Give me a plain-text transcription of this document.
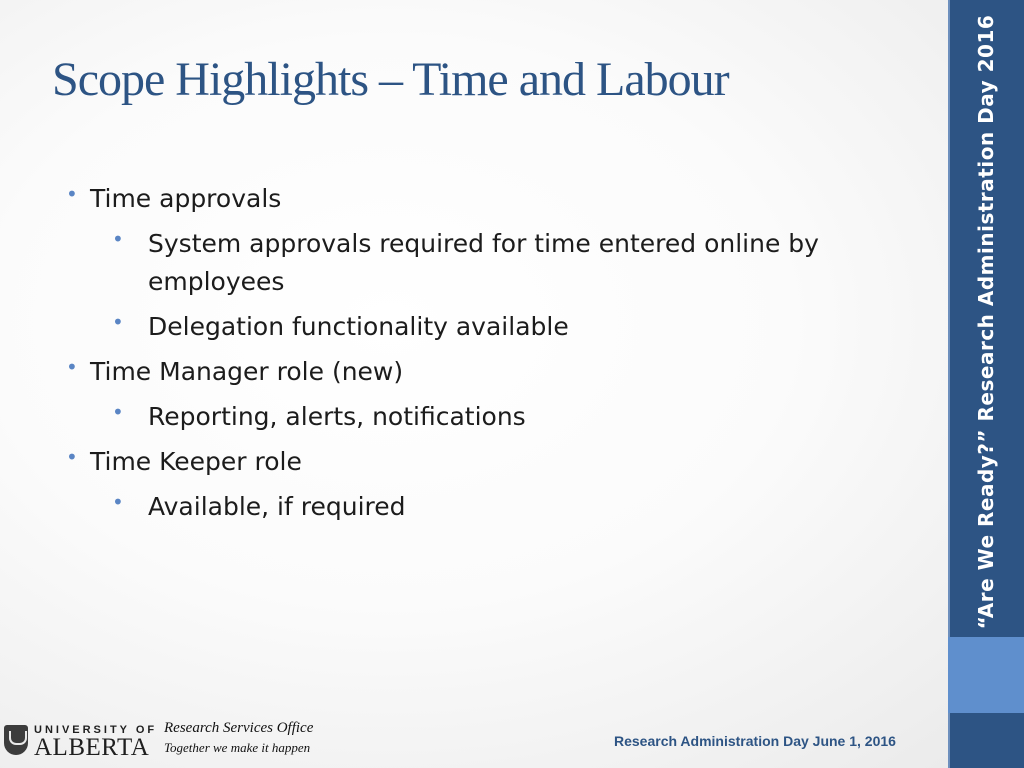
Scope Highlights – Time and Labour
• Time approvals
• System approvals required for time entered online by
employees
• Delegation functionality available
• Time Manager role (new)
• Reporting, alerts, notifications
• Time Keeper role
• Available, if required	“Are We Ready?” Research Administration Day 2016
UNIVERSITY OF
ALBERTA
Research Services Office
Together we make it happen	Research Administration Day June 1, 2016
